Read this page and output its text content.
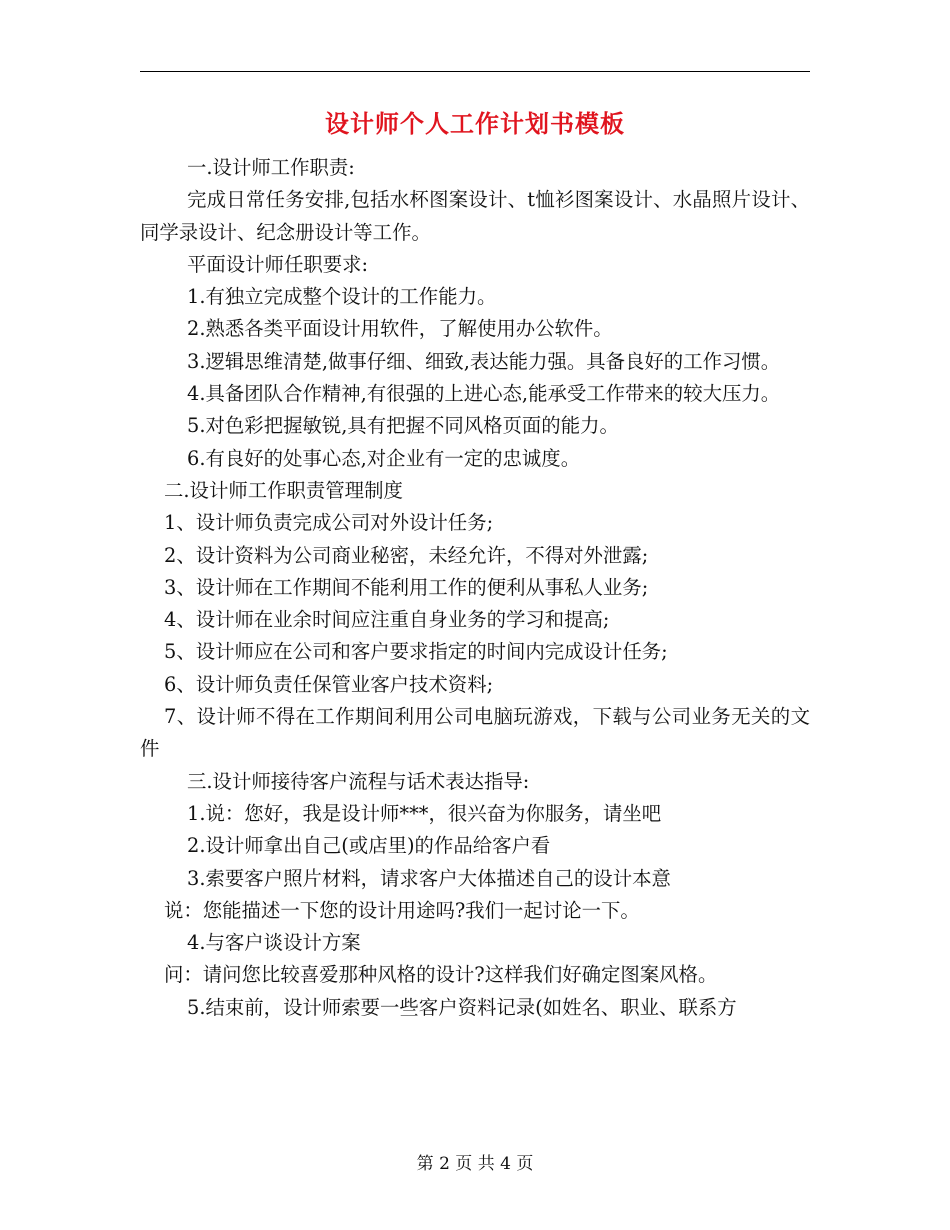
设计师个人工作计划书模板

一.设计师工作职责:

完成日常任务安排,包括水杯图案设计、t恤衫图案设计、水晶照片设计、同学录设计、纪念册设计等工作。

平面设计师任职要求:

1.有独立完成整个设计的工作能力。

2.熟悉各类平面设计用软件，了解使用办公软件。

3.逻辑思维清楚,做事仔细、细致,表达能力强。具备良好的工作习惯。

4.具备团队合作精神,有很强的上进心态,能承受工作带来的较大压力。

5.对色彩把握敏锐,具有把握不同风格页面的能力。

6.有良好的处事心态,对企业有一定的忠诚度。

二.设计师工作职责管理制度

1、设计师负责完成公司对外设计任务;

2、设计资料为公司商业秘密，未经允许，不得对外泄露;

3、设计师在工作期间不能利用工作的便利从事私人业务;

4、设计师在业余时间应注重自身业务的学习和提高;

5、设计师应在公司和客户要求指定的时间内完成设计任务;

6、设计师负责任保管业客户技术资料;

7、设计师不得在工作期间利用公司电脑玩游戏，下载与公司业务无关的文件

三.设计师接待客户流程与话术表达指导:

1.说：您好，我是设计师***，很兴奋为你服务，请坐吧

2.设计师拿出自己(或店里)的作品给客户看

3.索要客户照片材料，请求客户大体描述自己的设计本意

说：您能描述一下您的设计用途吗?我们一起讨论一下。

4.与客户谈设计方案

问：请问您比较喜爱那种风格的设计?这样我们好确定图案风格。

5.结束前，设计师索要一些客户资料记录(如姓名、职业、联系方

第 2 页 共 4 页
